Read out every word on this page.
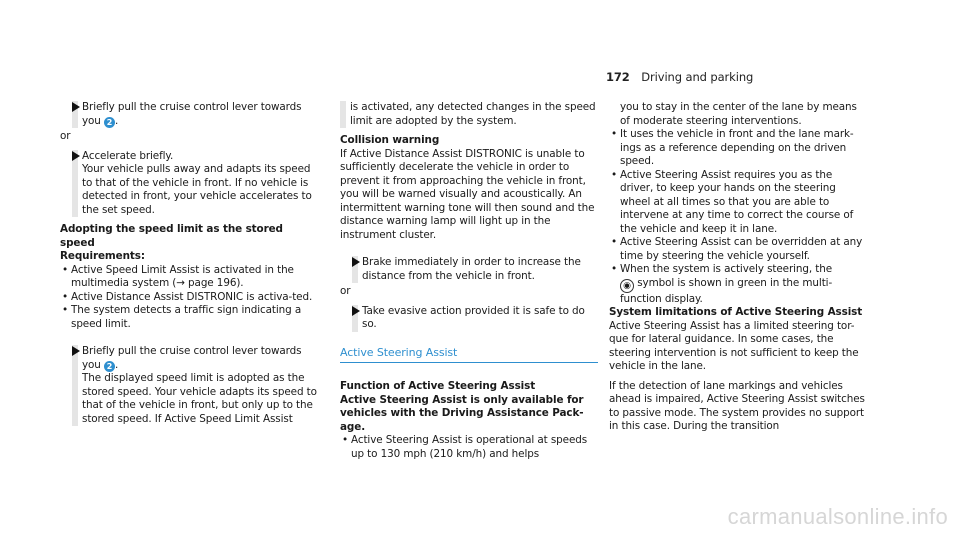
172 Driving and parking
Briefly pull the cruise control lever towards you 2 .
or
Accelerate briefly.
Your vehicle pulls away and adapts its speed to that of the vehicle in front. If no vehicle is detected in front, your vehicle accelerates to the set speed.
Adopting the speed limit as the stored speed
Requirements:
• Active Speed Limit Assist is activated in the multimedia system (→ page 196).
• Active Distance Assist DISTRONIC is activa-ted.
• The system detects a traffic sign indicating a speed limit.
Briefly pull the cruise control lever towards you 2 .
The displayed speed limit is adopted as the stored speed. Your vehicle adapts its speed to that of the vehicle in front, but only up to the stored speed. If Active Speed Limit Assist
is activated, any detected changes in the speed limit are adopted by the system.
Collision warning
If Active Distance Assist DISTRONIC is unable to sufficiently decelerate the vehicle in order to prevent it from approaching the vehicle in front, you will be warned visually and acoustically. An intermittent warning tone will then sound and the distance warning lamp will light up in the instrument cluster.
Brake immediately in order to increase the distance from the vehicle in front.
or
Take evasive action provided it is safe to do so.
Active Steering Assist
Function of Active Steering Assist
Active Steering Assist is only available for vehicles with the Driving Assistance Pack-age.
• Active Steering Assist is operational at speeds up to 130 mph (210 km/h) and helps
you to stay in the center of the lane by means of moderate steering interventions.
• It uses the vehicle in front and the lane mark-ings as a reference depending on the driven speed.
• Active Steering Assist requires you as the driver, to keep your hands on the steering wheel at all times so that you are able to intervene at any time to correct the course of the vehicle and keep it in lane.
• Active Steering Assist can be overridden at any time by steering the vehicle yourself.
• When the system is actively steering, the
◉ symbol is shown in green in the multi-function display.
System limitations of Active Steering Assist
Active Steering Assist has a limited steering tor-que for lateral guidance. In some cases, the steering intervention is not sufficient to keep the vehicle in the lane.
If the detection of lane markings and vehicles ahead is impaired, Active Steering Assist switches to passive mode. The system provides no support in this case. During the transition
carmanualsonline.info
